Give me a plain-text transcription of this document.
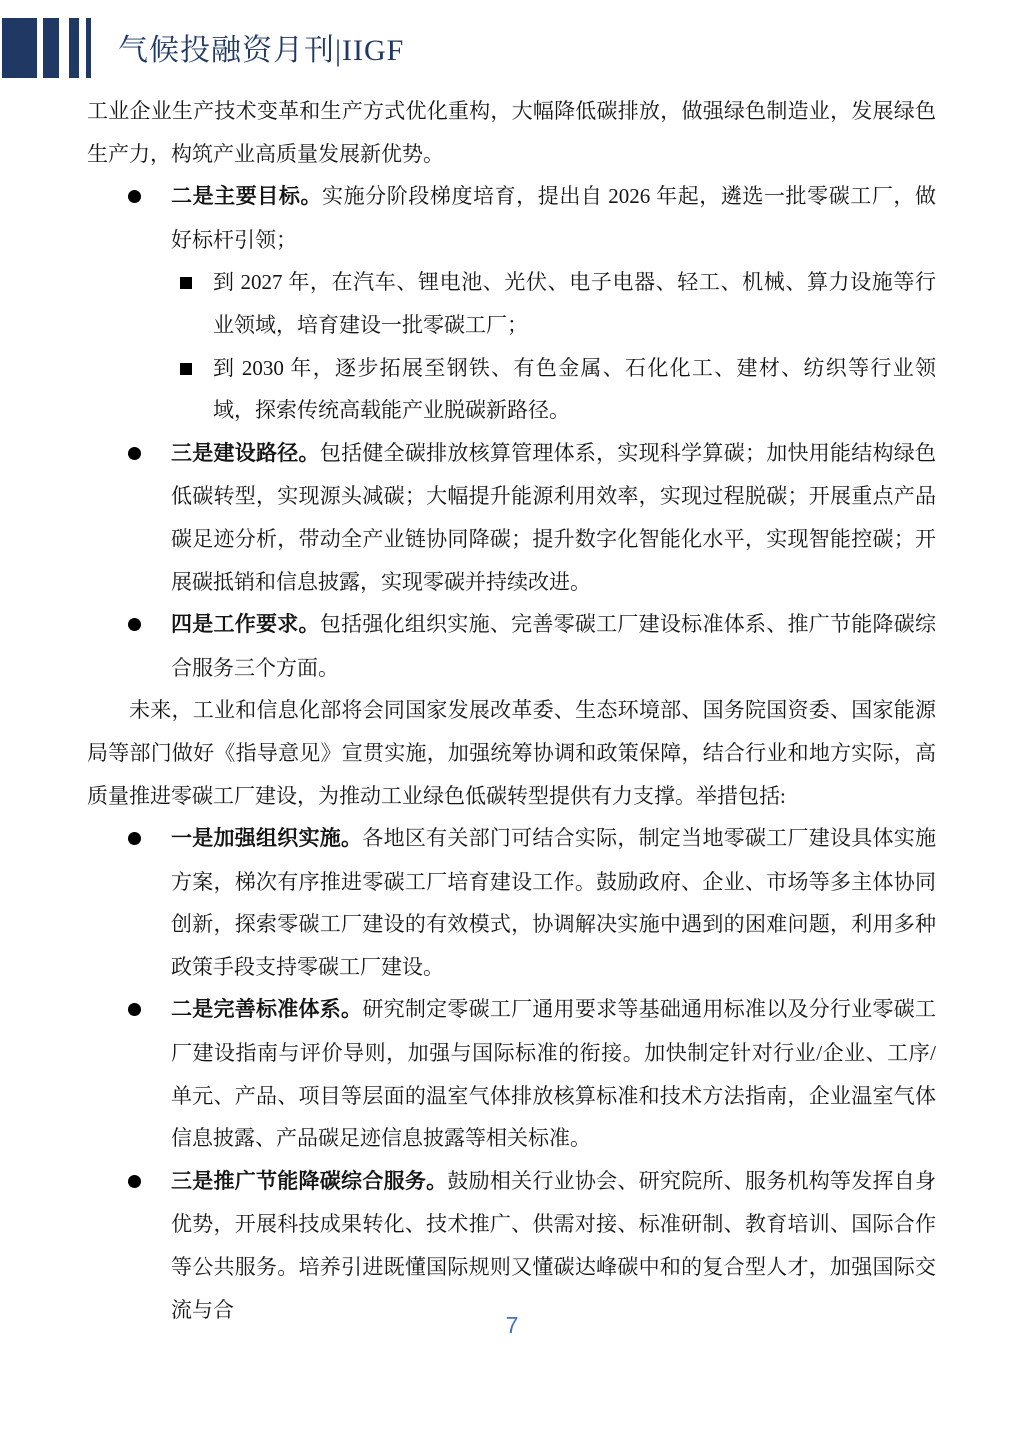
气候投融资月刊|IIGF

工业企业生产技术变革和生产方式优化重构，大幅降低碳排放，做强绿色制造业，发展绿色生产力，构筑产业高质量发展新优势。

二是主要目标。实施分阶段梯度培育，提出自 2026 年起，遴选一批零碳工厂，做好标杆引领；

到 2027 年，在汽车、锂电池、光伏、电子电器、轻工、机械、算力设施等行业领域，培育建设一批零碳工厂；

到 2030 年，逐步拓展至钢铁、有色金属、石化化工、建材、纺织等行业领域，探索传统高载能产业脱碳新路径。

三是建设路径。包括健全碳排放核算管理体系，实现科学算碳；加快用能结构绿色低碳转型，实现源头减碳；大幅提升能源利用效率，实现过程脱碳；开展重点产品碳足迹分析，带动全产业链协同降碳；提升数字化智能化水平，实现智能控碳；开展碳抵销和信息披露，实现零碳并持续改进。

四是工作要求。包括强化组织实施、完善零碳工厂建设标准体系、推广节能降碳综合服务三个方面。

未来，工业和信息化部将会同国家发展改革委、生态环境部、国务院国资委、国家能源局等部门做好《指导意见》宣贯实施，加强统筹协调和政策保障，结合行业和地方实际，高质量推进零碳工厂建设，为推动工业绿色低碳转型提供有力支撑。举措包括:

一是加强组织实施。各地区有关部门可结合实际，制定当地零碳工厂建设具体实施方案，梯次有序推进零碳工厂培育建设工作。鼓励政府、企业、市场等多主体协同创新，探索零碳工厂建设的有效模式，协调解决实施中遇到的困难问题，利用多种政策手段支持零碳工厂建设。

二是完善标准体系。研究制定零碳工厂通用要求等基础通用标准以及分行业零碳工厂建设指南与评价导则，加强与国际标准的衔接。加快制定针对行业/企业、工序/单元、产品、项目等层面的温室气体排放核算标准和技术方法指南，企业温室气体信息披露、产品碳足迹信息披露等相关标准。

三是推广节能降碳综合服务。鼓励相关行业协会、研究院所、服务机构等发挥自身优势，开展科技成果转化、技术推广、供需对接、标准研制、教育培训、国际合作等公共服务。培养引进既懂国际规则又懂碳达峰碳中和的复合型人才，加强国际交流与合

7
